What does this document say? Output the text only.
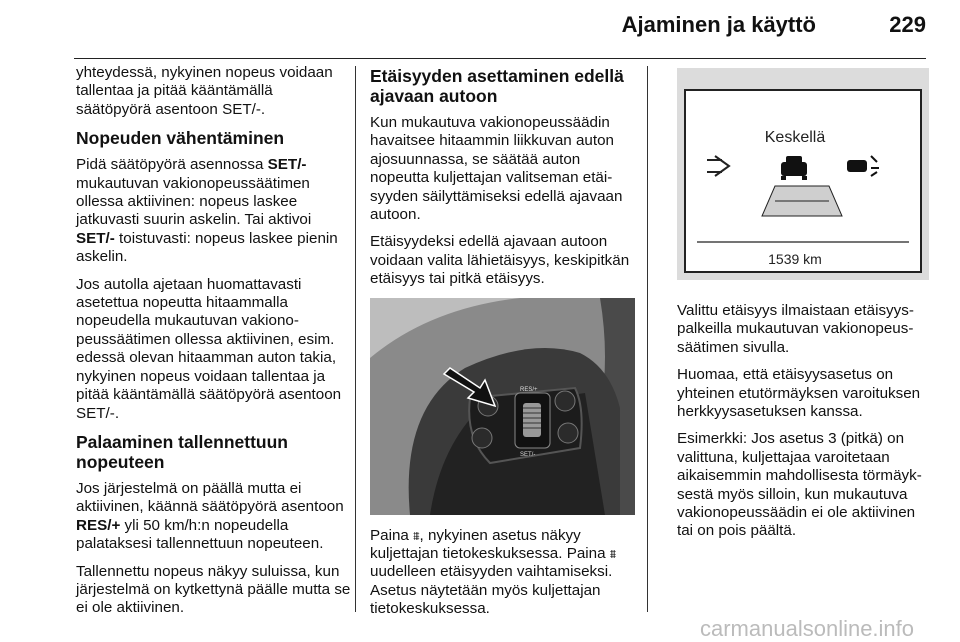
Ajaminen ja käyttö	229

yhteydessä, nykyinen nopeus voidaan tallentaa ja pitää kääntämällä säätöpyörä asentoon SET/-.

Nopeuden vähentäminen

Pidä säätöpyörä asennossa SET/- mukautuvan vakionopeussäätimen ollessa aktiivinen: nopeus laskee jatkuvasti suurin askelin. Tai aktivoi SET/- toistuvasti: nopeus laskee pienin askelin.

Jos autolla ajetaan huomattavasti asetettua nopeutta hitaammalla nopeudella mukautuvan vakionopeussäätimen ollessa aktiivinen, esim. edessä olevan hitaamman auton takia, nykyinen nopeus voidaan tallentaa ja pitää kääntämällä säätöpyörä asentoon SET/-.

Palaaminen tallennettuun nopeuteen

Jos järjestelmä on päällä mutta ei aktiivinen, käännä säätöpyörä asentoon RES/+ yli 50 km/h:n nopeudella palataksesi tallennettuun nopeuteen.

Tallennettu nopeus näkyy suluissa, kun järjestelmä on kytkettynä päälle mutta se ei ole aktiivinen.

Etäisyyden asettaminen edellä ajavaan autoon

Kun mukautuva vakionopeussäädin havaitsee hitaammin liikkuvan auton ajosuunnassa, se säätää auton nopeutta kuljettajan valitseman etäisyyden säilyttämiseksi edellä ajavaan autoon.

Etäisyydeksi edellä ajavaan autoon voidaan valita lähietäisyys, keskipitkän etäisyys tai pitkä etäisyys.

RES/+
SET/-

Paina ⩩, nykyinen asetus näkyy kuljettajan tietokeskuksessa. Paina ⩩ uudelleen etäisyyden vaihtamiseksi. Asetus näytetään myös kuljettajan tietokeskuksessa.

Keskellä
1539 km

Valittu etäisyys ilmaistaan etäisyyspalkeilla mukautuvan vakionopeussäätimen sivulla.

Huomaa, että etäisyysasetus on yhteinen etutörmäyksen varoituksen herkkyysasetuksen kanssa.

Esimerkki: Jos asetus 3 (pitkä) on valittuna, kuljettajaa varoitetaan aikaisemmin mahdollisesta törmäyksestä myös silloin, kun mukautuva vakionopeussäädin ei ole aktiivinen tai on pois päältä.

carmanualsonline.info
